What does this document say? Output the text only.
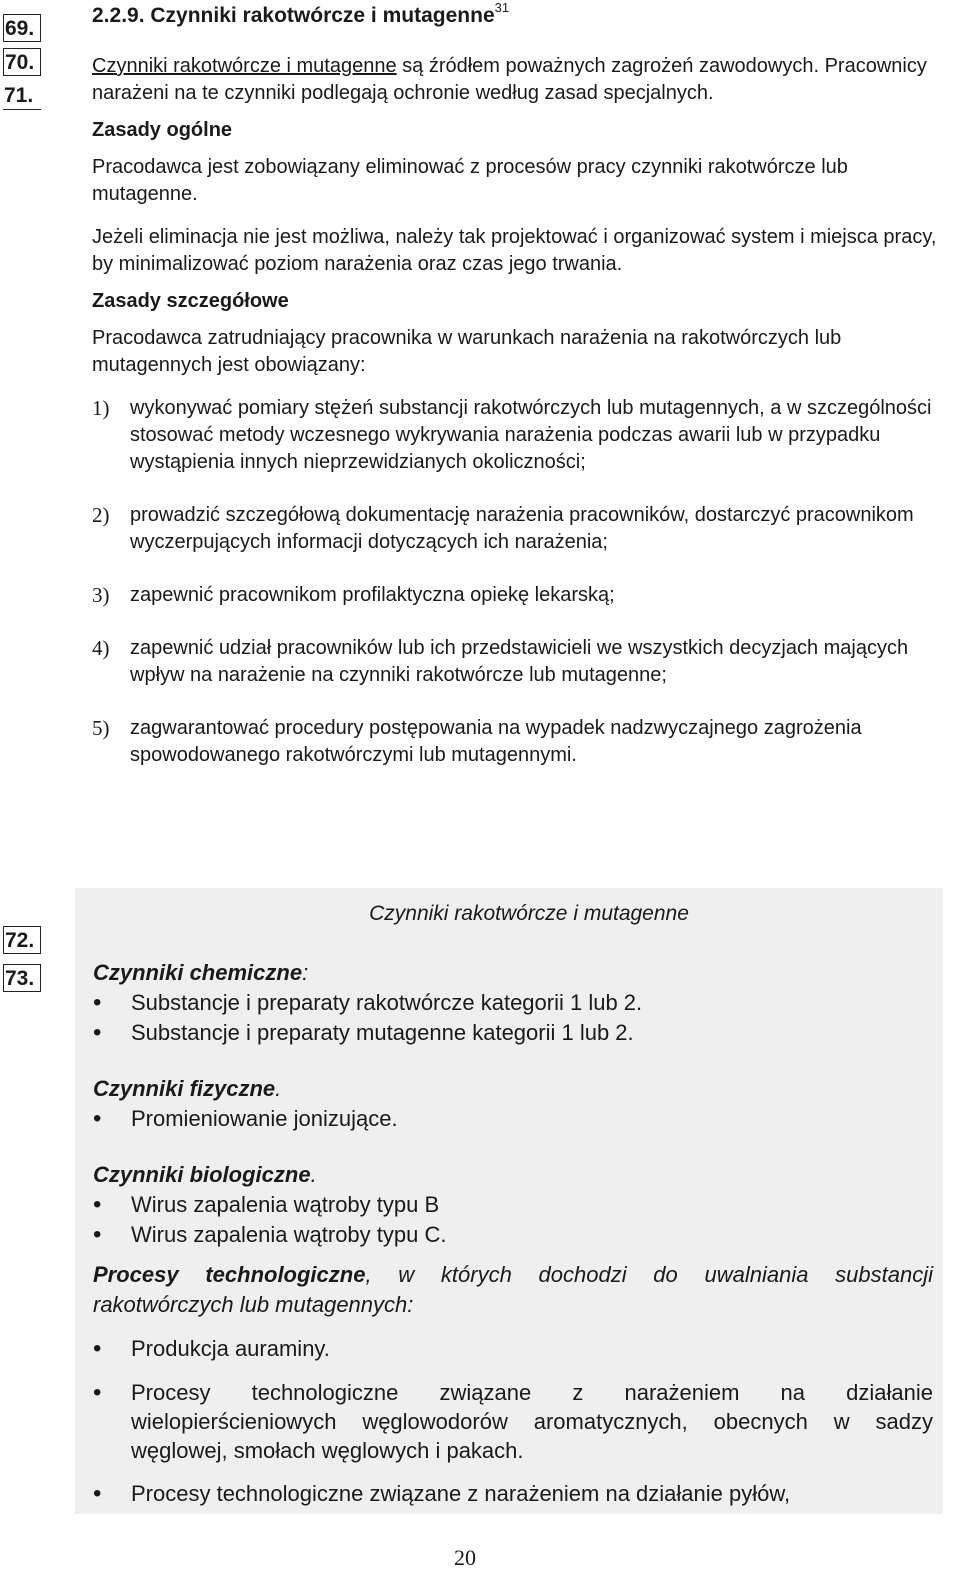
69.
70.
71.
2.2.9. Czynniki rakotwórcze i mutagenne$^{31}$

Czynniki rakotwórcze i mutagenne są źródłem poważnych zagrożeń zawodowych. Pracownicy narażeni na te czynniki podlegają ochronie według zasad specjalnych.

Zasady ogólne

Pracodawca jest zobowiązany eliminować z procesów pracy czynniki rakotwórcze lub mutagenne.

Jeżeli eliminacja nie jest możliwa, należy tak projektować i organizować system i miejsca pracy, by minimalizować poziom narażenia oraz czas jego trwania.

Zasady szczegółowe

Pracodawca zatrudniający pracownika w warunkach narażenia na rakotwórczych lub mutagennych jest obowiązany:

1) wykonywać pomiary stężeń substancji rakotwórczych lub mutagennych, a w szczególności stosować metody wczesnego wykrywania narażenia podczas awarii lub w przypadku wystąpienia innych nieprzewidzianych okoliczności;
2) prowadzić szczegółową dokumentację narażenia pracowników, dostarczyć pracownikom wyczerpujących informacji dotyczących ich narażenia;
3) zapewnić pracownikom profilaktyczna opiekę lekarską;
4) zapewnić udział pracowników lub ich przedstawicieli we wszystkich decyzjach mających wpływ na narażenie na czynniki rakotwórcze lub mutagenne;
5) zagwarantować procedury postępowania na wypadek nadzwyczajnego zagrożenia spowodowanego rakotwórczymi lub mutagennymi.
72.
73.
Czynniki rakotwórcze i mutagenne

Czynniki chemiczne:

• Substancje i preparaty rakotwórcze kategorii 1 lub 2.
• Substancje i preparaty mutagenne kategorii 1 lub 2.

Czynniki fizyczne.

• Promieniowanie jonizujące.

Czynniki biologiczne.

• Wirus zapalenia wątroby typu B
• Wirus zapalenia wątroby typu C.

Procesy technologiczne, w których dochodzi do uwalniania substancji rakotwórczych lub mutagennych:

• Produkcja auraminy.
• Procesy technologiczne związane z narażeniem na działanie wielopierścieniowych węglowodorów aromatycznych, obecnych w sadzy węglowej, smołach węglowych i pakach.
• Procesy technologiczne związane z narażeniem na działanie pyłów,
20
